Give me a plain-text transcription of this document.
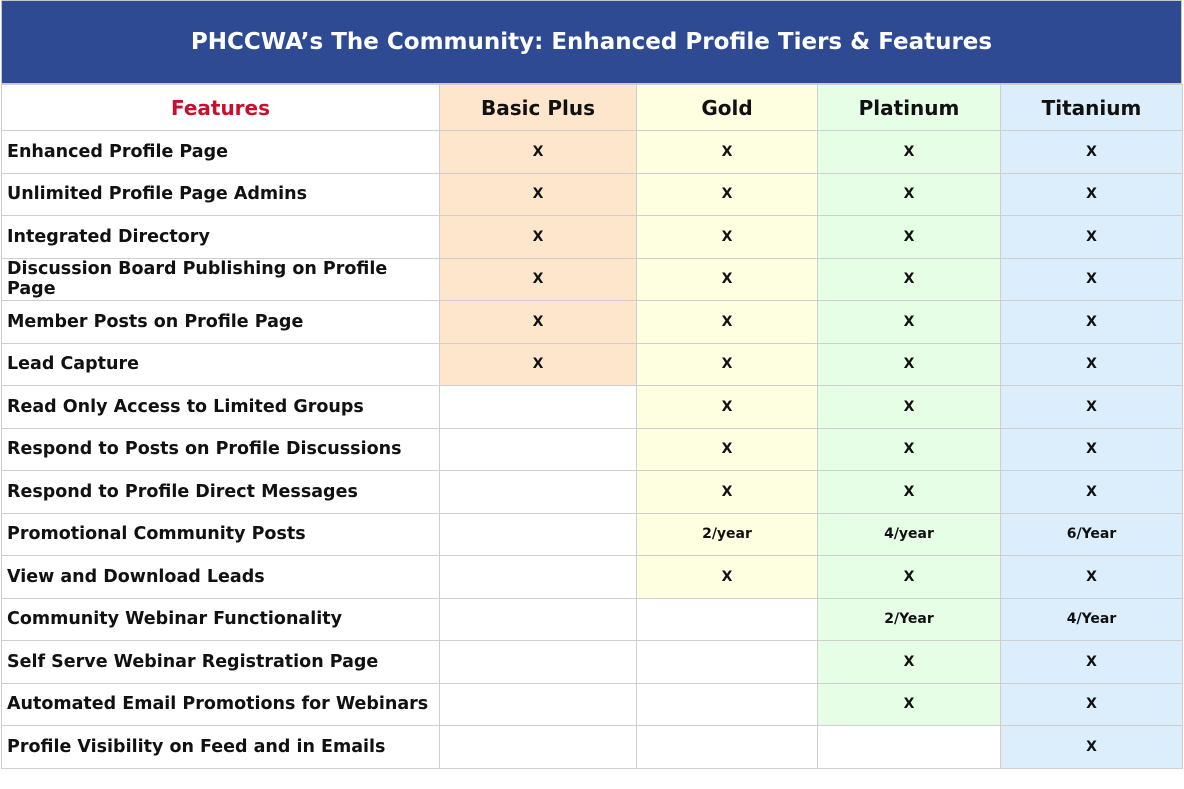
PHCCWA’s The Community: Enhanced Profile Tiers & Features
Features	Basic Plus	Gold	Platinum	Titanium
Enhanced Profile Page	X	X	X	X
Unlimited Profile Page Admins	X	X	X	X
Integrated Directory	X	X	X	X
Discussion Board Publishing on Profile Page	X	X	X	X
Member Posts on Profile Page	X	X	X	X
Lead Capture	X	X	X	X
Read Only Access to Limited Groups		X	X	X
Respond to Posts on Profile Discussions		X	X	X
Respond to Profile Direct Messages		X	X	X
Promotional Community Posts		2/year	4/year	6/Year
View and Download Leads		X	X	X
Community Webinar Functionality			2/Year	4/Year
Self Serve Webinar Registration Page			X	X
Automated Email Promotions for Webinars			X	X
Profile Visibility on Feed and in Emails				X
